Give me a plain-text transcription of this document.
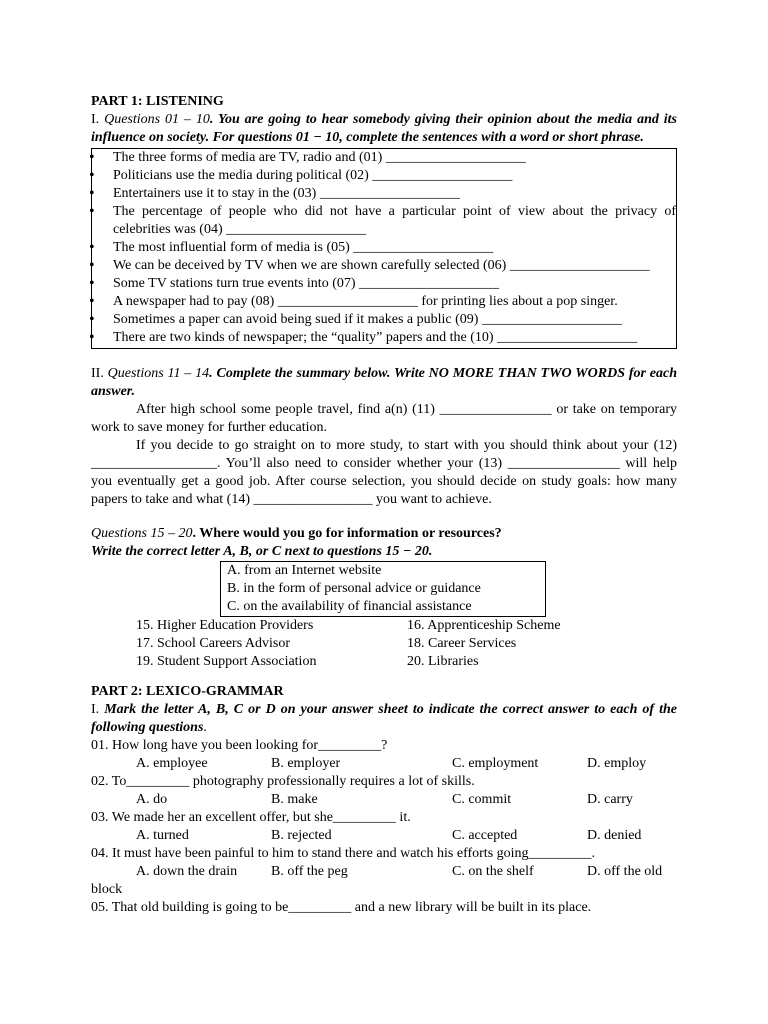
PART 1: LISTENING

I. Questions 01 – 10. You are going to hear somebody giving their opinion about the media and its influence on society. For questions 01 − 10, complete the sentences with a word or short phrase.

• The three forms of media are TV, radio and (01) ____________________
• Politicians use the media during political (02) ____________________
• Entertainers use it to stay in the (03) ____________________
• The percentage of people who did not have a particular point of view about the privacy of celebrities was (04) ____________________
• The most influential form of media is (05) ____________________
• We can be deceived by TV when we are shown carefully selected (06) ____________________
• Some TV stations turn true events into (07) ____________________
• A newspaper had to pay (08) ____________________ for printing lies about a pop singer.
• Sometimes a paper can avoid being sued if it makes a public (09) ____________________
• There are two kinds of newspaper; the “quality” papers and the (10) ____________________

II. Questions 11 – 14. Complete the summary below. Write NO MORE THAN TWO WORDS for each answer.

After high school some people travel, find a(n) (11) ________________ or take on temporary work to save money for further education.

If you decide to go straight on to more study, to start with you should think about your (12) __________________. You’ll also need to consider whether your (13) ________________ will help you eventually get a good job. After course selection, you should decide on study goals: how many papers to take and what (14) _________________ you want to achieve.

Questions 15 – 20. Where would you go for information or resources?

Write the correct letter A, B, or C next to questions 15 − 20.

A. from an Internet website

B. in the form of personal advice or guidance

C. on the availability of financial assistance

15. Higher Education Providers	16. Apprenticeship Scheme
17. School Careers Advisor	18. Career Services
19. Student Support Association	20. Libraries

PART 2: LEXICO-GRAMMAR

I. Mark the letter A, B, C or D on your answer sheet to indicate the correct answer to each of the following questions.

01. How long have you been looking for_________?

A. employee	B. employer	C. employment	D. employ

02. To_________ photography professionally requires a lot of skills.

A. do	B. make	C. commit	D. carry

03. We made her an excellent offer, but she_________ it.

A. turned	B. rejected	C. accepted	D. denied

04. It must have been painful to him to stand there and watch his efforts going_________.

A. down the drain	B. off the peg	C. on the shelf	D. off the old

block

05. That old building is going to be_________ and a new library will be built in its place.
